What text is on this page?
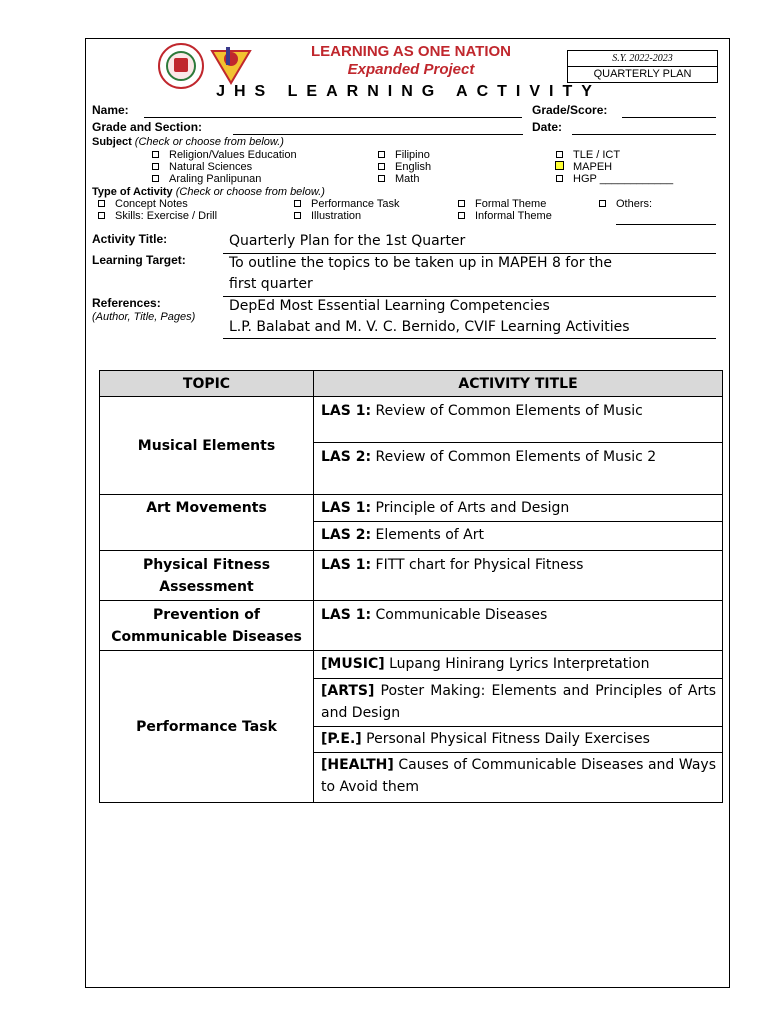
LEARNING AS ONE NATION
Expanded Project
S.Y. 2022-2023
QUARTERLY PLAN
JHS LEARNING ACTIVITY
Name:	Grade/Score:
Grade and Section:	Date:
Subject (Check or choose from below.)
Religion/Values Education
Natural Sciences
Araling Panlipunan
Filipino
English
Math
TLE / ICT
MAPEH
HGP ____________
Type of Activity (Check or choose from below.)
Concept Notes
Skills: Exercise / Drill
Performance Task
Illustration
Formal Theme
Informal Theme
Others:
Activity Title:	Quarterly Plan for the 1st Quarter
Learning Target:	To outline the topics to be taken up in MAPEH 8 for the
first quarter
References:
(Author, Title, Pages)
DepEd Most Essential Learning Competencies
L.P. Balabat and M. V. C. Bernido, CVIF Learning Activities
TOPIC	ACTIVITY TITLE
Musical Elements	LAS 1: Review of Common Elements of Music
	LAS 2: Review of Common Elements of Music 2
Art Movements	LAS 1: Principle of Arts and Design
	LAS 2: Elements of Art
Physical Fitness Assessment	LAS 1: FITT chart for Physical Fitness
Prevention of Communicable Diseases	LAS 1: Communicable Diseases
Performance Task	[MUSIC] Lupang Hinirang Lyrics Interpretation
	[ARTS] Poster Making: Elements and Principles of Arts and Design
	[P.E.] Personal Physical Fitness Daily Exercises
	[HEALTH] Causes of Communicable Diseases and Ways to Avoid them
